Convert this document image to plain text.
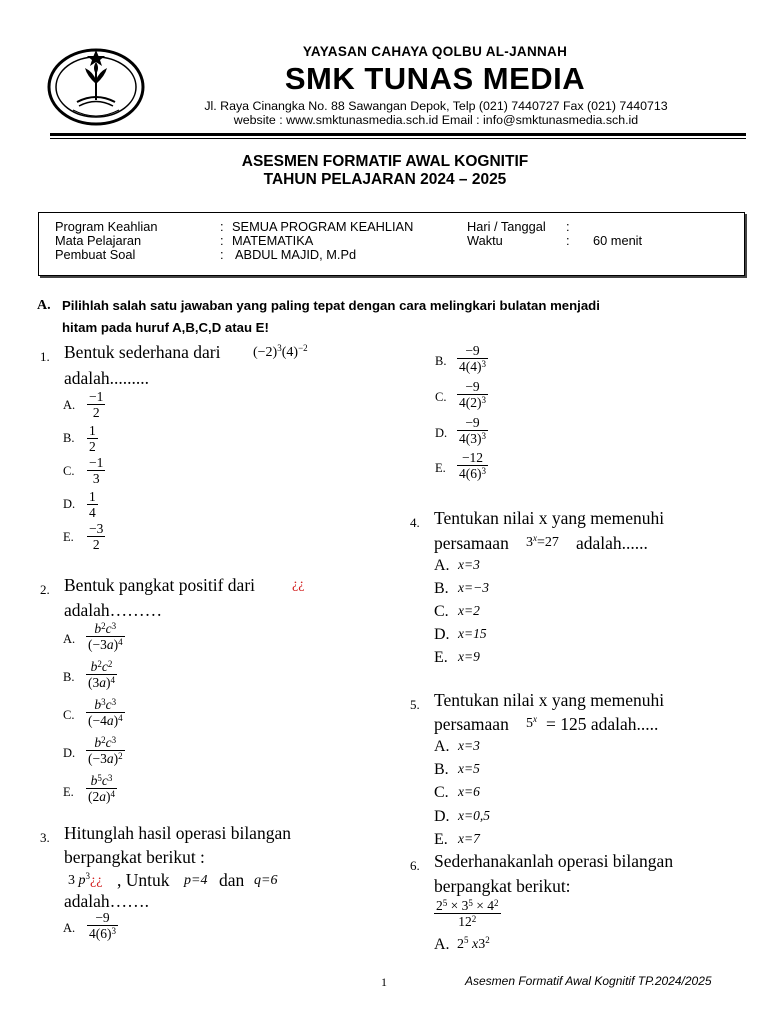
YAYASAN CAHAYA QOLBU AL-JANNAH
SMK TUNAS MEDIA
Jl. Raya Cinangka No. 88 Sawangan Depok, Telp (021) 7440727 Fax (021) 7440713
website : www.smktunasmedia.sch.id Email : info@smktunasmedia.sch.id
ASESMEN FORMATIF AWAL KOGNITIF
TAHUN PELAJARAN 2024 – 2025
Program Keahlian	: SEMUA PROGRAM KEAHLIAN	Hari / Tanggal :
Mata Pelajaran	: MATEMATIKA	Waktu	: 60 menit
Pembuat Soal	: ABDUL MAJID, M.Pd
A. Pilihlah salah satu jawaban yang paling tepat dengan cara melingkari bulatan menjadi
hitam pada huruf A,B,C,D atau E!
1. Bentuk sederhana dari $(-2)^3(4)^{-2}$
adalah.........
A.
−1
2
B. 1
2
C.
−1
3
D. 1
4
E.
−3
2
2. Bentuk pangkat positif dari	¿¿
adalah………
A.
$b^2c^3$
$(-3a)^4$
B.
$b^2c^2$
$(3a)^4$
C.
$b^3c^3$
$(-4a)^4$
D.
$b^2c^3$
$(-3a)^2$
E.
$b^5c^3$
$(2a)^4$
3. Hitunglah hasil operasi bilangan
berpangkat berikut :
3 $p^3¿¿$ , Untuk p=4 dan q=6
adalah…….
A.
−9
$4(6)^3$
B.
−9
$4(4)^3$
C.
−9
$4(2)^3$
D.
−9
$4(3)^3$
E.
−12
$4(6)^3$
4. Tentukan nilai x yang memenuhi
persamaan $3^x=27$ adalah......
A. x=3
B. x=−3
C. x=2
D. x=15
E. x=9
5. Tentukan nilai x yang memenuhi
persamaan $5^x = 125$ adalah.....
A. x=3
B. x=5
C. x=6
D. x=0,5
E. x=7
6. Sederhanakanlah operasi bilangan
berpangkat berikut:
$2^5 \times 3^5 \times 4^2$
$12^2$
A. $2^5$ $x3^2$
1	Asesmen Formatif Awal Kognitif TP.2024/2025
